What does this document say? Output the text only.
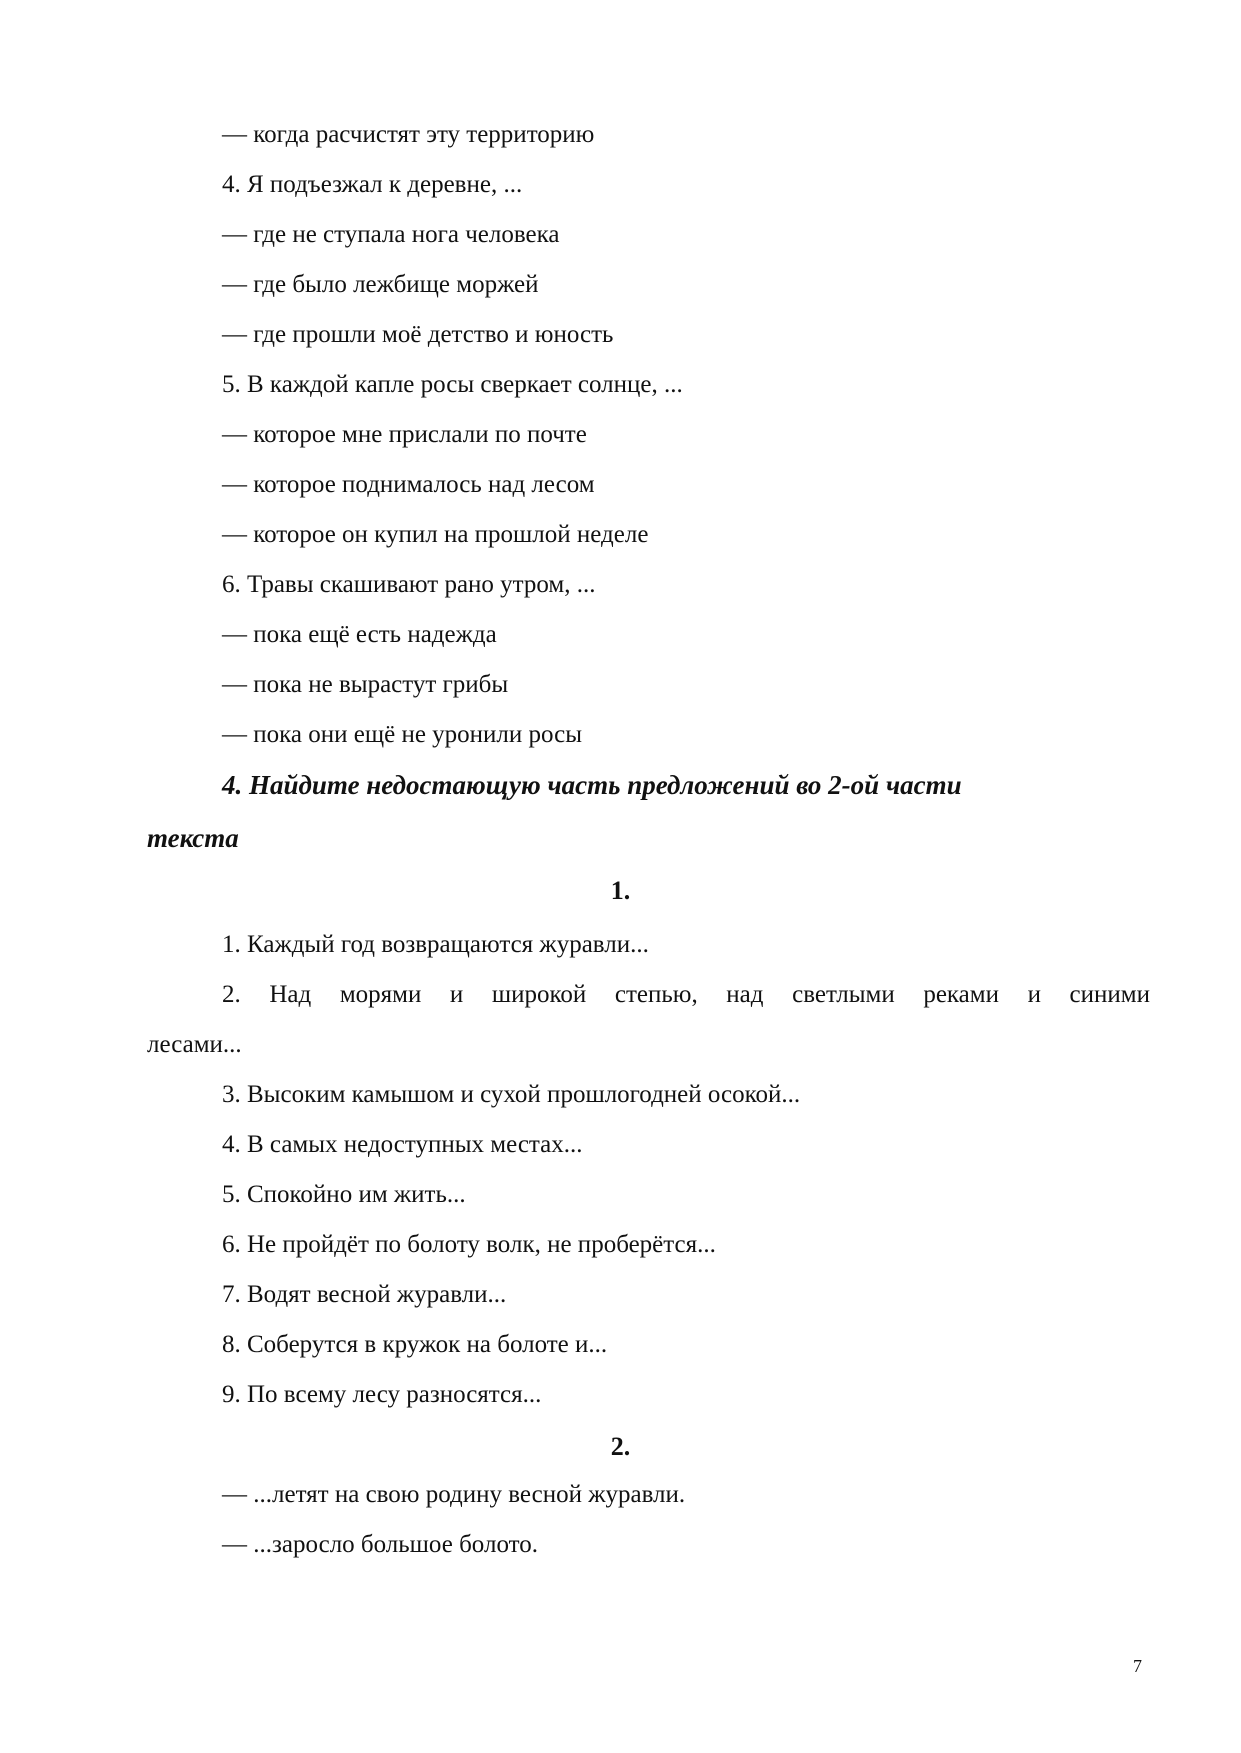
— когда расчистят эту территорию
4. Я подъезжал к деревне, ...
— где не ступала нога человека
— где было лежбище моржей
— где прошли моё детство и юность
5. В каждой капле росы сверкает солнце, ...
— которое мне прислали по почте
— которое поднималось над лесом
— которое он купил на прошлой неделе
6. Травы скашивают рано утром, ...
— пока ещё есть надежда
— пока не вырастут грибы
— пока они ещё не уронили росы
4. Найдите недостающую часть предложений во 2-ой части
текста
1.
1. Каждый год возвращаются журавли...
2. Над морями и широкой степью, над светлыми реками и синими
лесами...
3. Высоким камышом и сухой прошлогодней осокой...
4. В самых недоступных местах...
5. Спокойно им жить...
6. Не пройдёт по болоту волк, не проберётся...
7. Водят весной журавли...
8. Соберутся в кружок на болоте и...
9. По всему лесу разносятся...
2.
— ...летят на свою родину весной журавли.
— ...заросло большое болото.
7
